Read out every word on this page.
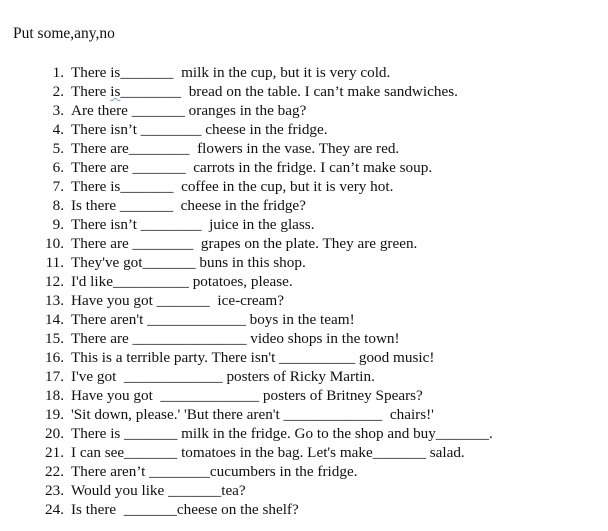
Put some,any,no
1. There is_______  milk in the cup, but it is very cold.
2. There is________  bread on the table. I can’t make sandwiches.
3. Are there _______ oranges in the bag?
4. There isn’t ________ cheese in the fridge.
5. There are________  flowers in the vase. They are red.
6. There are _______  carrots in the fridge. I can’t make soup.
7. There is_______  coffee in the cup, but it is very hot.
8. Is there _______  cheese in the fridge?
9. There isn’t ________  juice in the glass.
10. There are ________  grapes on the plate. They are green.
11. They've got_______ buns in this shop.
12. I'd like__________ potatoes, please.
13. Have you got _______  ice-cream?
14. There aren't _____________ boys in the team!
15. There are _______________ video shops in the town!
16. This is a terrible party. There isn't __________ good music!
17. I've got  _____________ posters of Ricky Martin.
18. Have you got  _____________ posters of Britney Spears?
19. 'Sit down, please.' 'But there aren't _____________  chairs!'
20. There is _______ milk in the fridge. Go to the shop and buy_______.
21. I can see_______ tomatoes in the bag. Let's make_______ salad.
22. There aren’t ________cucumbers in the fridge.
23. Would you like _______tea?
24. Is there  _______cheese on the shelf?
